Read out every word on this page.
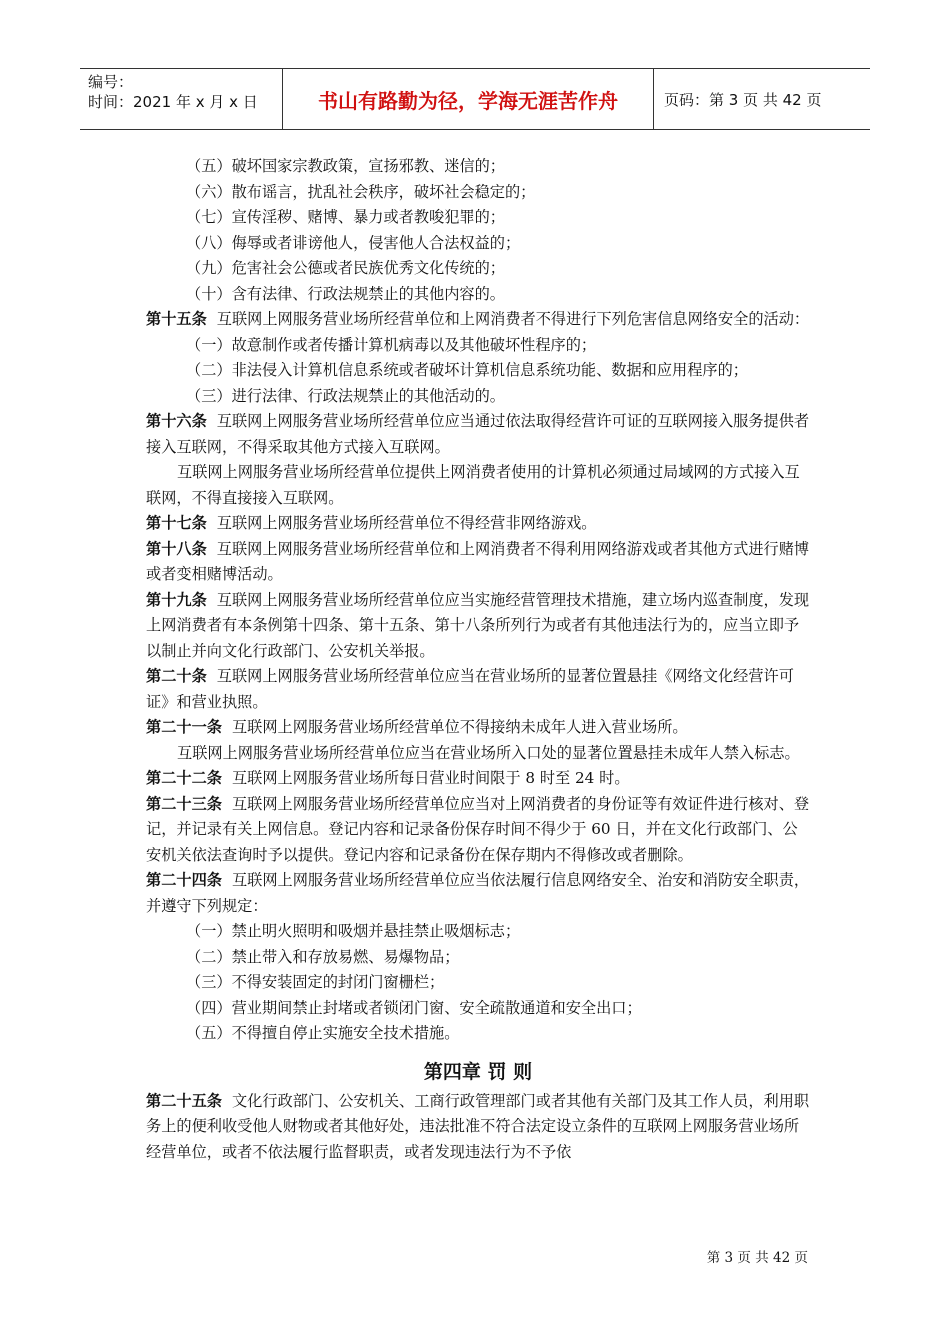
编号：
时间：2021 年 x 月 x 日	书山有路勤为径，学海无涯苦作舟	页码：第 3 页 共 42 页

（五）破坏国家宗教政策，宣扬邪教、迷信的；

（六）散布谣言，扰乱社会秩序，破坏社会稳定的；

（七）宣传淫秽、赌博、暴力或者教唆犯罪的；

（八）侮辱或者诽谤他人，侵害他人合法权益的；

（九）危害社会公德或者民族优秀文化传统的；

（十）含有法律、行政法规禁止的其他内容的。

第十五条 互联网上网服务营业场所经营单位和上网消费者不得进行下列危害信息网络安全的活动：

（一）故意制作或者传播计算机病毒以及其他破坏性程序的；

（二）非法侵入计算机信息系统或者破坏计算机信息系统功能、数据和应用程序的；

（三）进行法律、行政法规禁止的其他活动的。

第十六条 互联网上网服务营业场所经营单位应当通过依法取得经营许可证的互联网接入服务提供者接入互联网，不得采取其他方式接入互联网。

互联网上网服务营业场所经营单位提供上网消费者使用的计算机必须通过局域网的方式接入互联网，不得直接接入互联网。

第十七条 互联网上网服务营业场所经营单位不得经营非网络游戏。

第十八条 互联网上网服务营业场所经营单位和上网消费者不得利用网络游戏或者其他方式进行赌博或者变相赌博活动。

第十九条 互联网上网服务营业场所经营单位应当实施经营管理技术措施，建立场内巡查制度，发现上网消费者有本条例第十四条、第十五条、第十八条所列行为或者有其他违法行为的，应当立即予以制止并向文化行政部门、公安机关举报。

第二十条 互联网上网服务营业场所经营单位应当在营业场所的显著位置悬挂《网络文化经营许可证》和营业执照。

第二十一条 互联网上网服务营业场所经营单位不得接纳未成年人进入营业场所。

互联网上网服务营业场所经营单位应当在营业场所入口处的显著位置悬挂未成年人禁入标志。

第二十二条 互联网上网服务营业场所每日营业时间限于 8 时至 24 时。

第二十三条 互联网上网服务营业场所经营单位应当对上网消费者的身份证等有效证件进行核对、登记，并记录有关上网信息。登记内容和记录备份保存时间不得少于 60 日，并在文化行政部门、公安机关依法查询时予以提供。登记内容和记录备份在保存期内不得修改或者删除。

第二十四条 互联网上网服务营业场所经营单位应当依法履行信息网络安全、治安和消防安全职责，并遵守下列规定：

（一）禁止明火照明和吸烟并悬挂禁止吸烟标志；

（二）禁止带入和存放易燃、易爆物品；

（三）不得安装固定的封闭门窗栅栏；

（四）营业期间禁止封堵或者锁闭门窗、安全疏散通道和安全出口；

（五）不得擅自停止实施安全技术措施。

第四章 罚 则

第二十五条 文化行政部门、公安机关、工商行政管理部门或者其他有关部门及其工作人员，利用职务上的便利收受他人财物或者其他好处，违法批准不符合法定设立条件的互联网上网服务营业场所经营单位，或者不依法履行监督职责，或者发现违法行为不予依

第 3 页 共 42 页
